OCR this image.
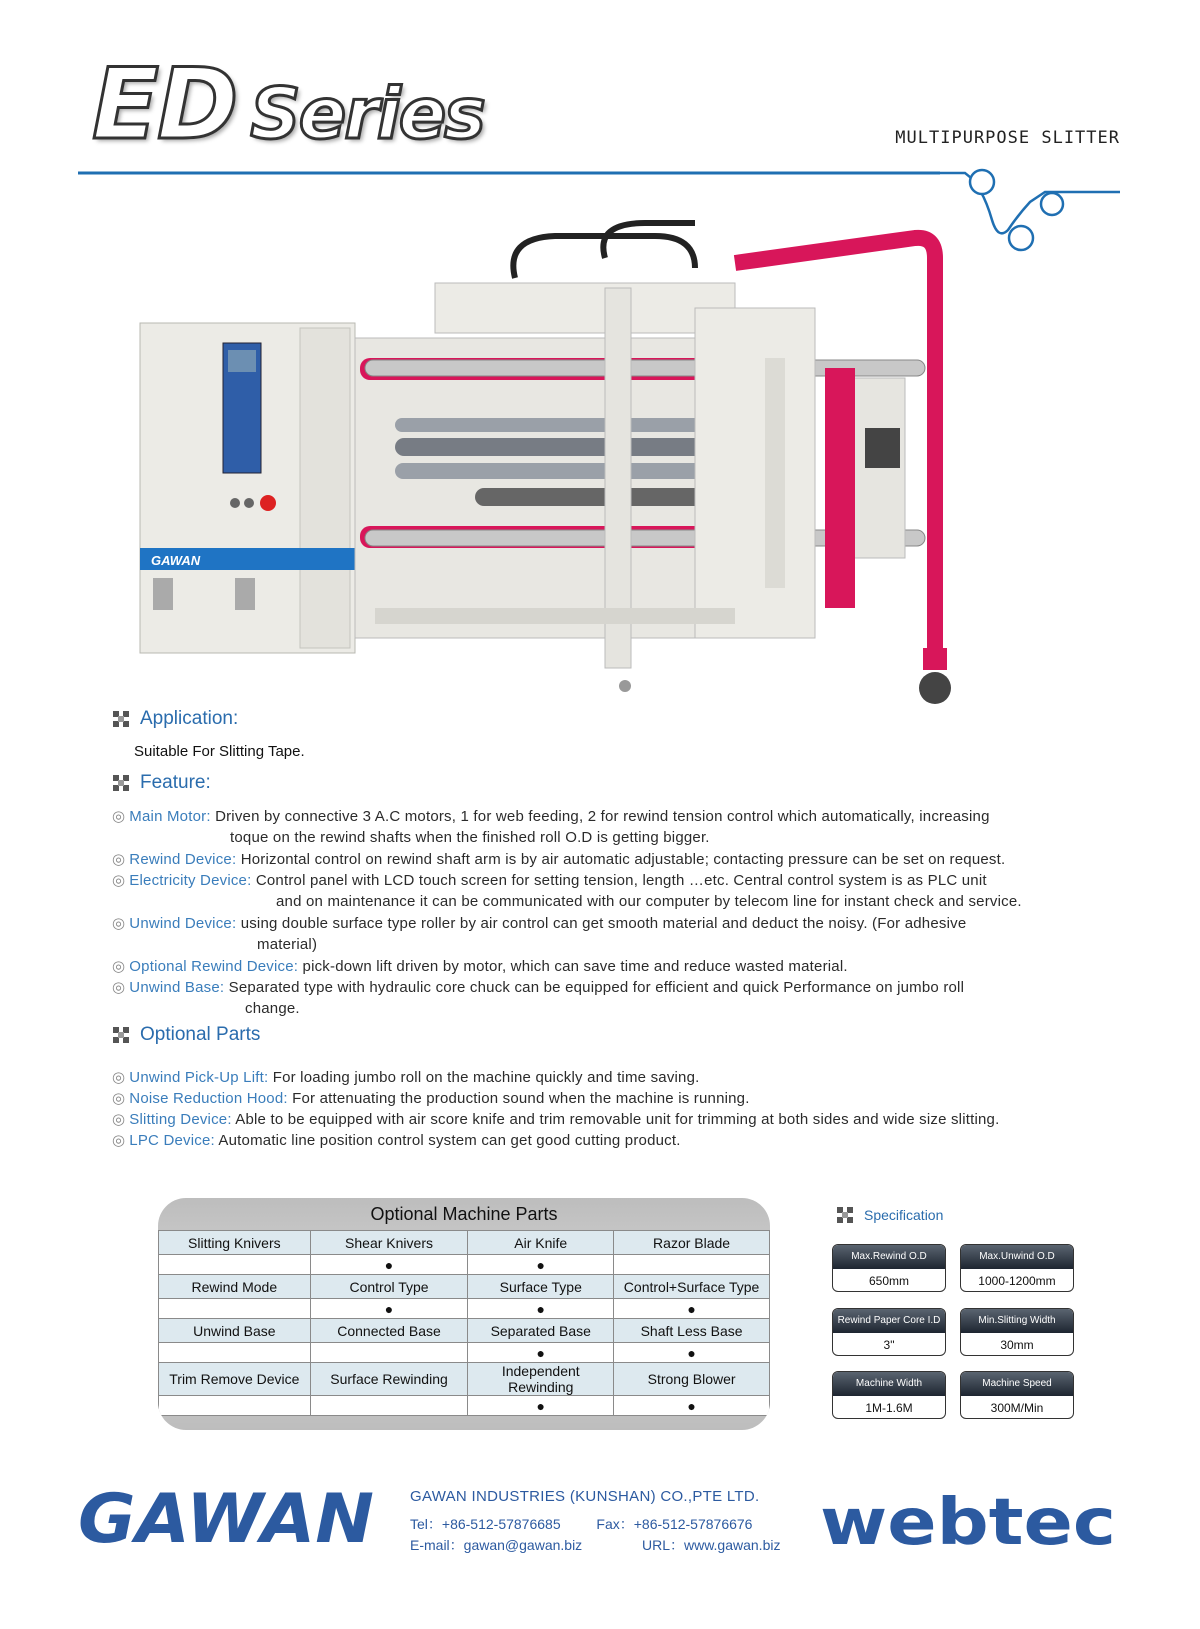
ED Series	MULTIPURPOSE SLITTER
GAWAN
Application:
Suitable For Slitting Tape.
Feature:
◎ Main Motor: Driven by connective 3 A.C motors, 1 for web feeding, 2 for rewind tension control which automatically, increasing
toque on the rewind shafts when the finished roll O.D is getting bigger.
◎ Rewind Device: Horizontal control on rewind shaft arm is by air automatic adjustable; contacting pressure can be set on request.
◎ Electricity Device: Control panel with LCD touch screen for setting tension, length …etc. Central control system is as PLC unit
and on maintenance it can be communicated with our computer by telecom line for instant check and service.
◎ Unwind Device: using double surface type roller by air control can get smooth material and deduct the noisy. (For adhesive
material)
◎ Optional Rewind Device: pick-down lift driven by motor, which can save time and reduce wasted material.
◎ Unwind Base: Separated type with hydraulic core chuck can be equipped for efficient and quick Performance on jumbo roll
change.
Optional Parts
◎ Unwind Pick-Up Lift: For loading jumbo roll on the machine quickly and time saving.
◎ Noise Reduction Hood: For attenuating the production sound when the machine is running.
◎ Slitting Device: Able to be equipped with air score knife and trim removable unit for trimming at both sides and wide size slitting.
◎ LPC Device: Automatic line position control system can get good cutting product.
Optional Machine Parts
Slitting Knivers	Shear Knivers	Air Knife	Razor Blade
	●	●	
Rewind Mode	Control Type	Surface Type	Control+Surface Type
	●	●	●
Unwind Base	Connected Base	Separated Base	Shaft Less Base
		●	●
Trim Remove Device	Surface Rewinding	Independent Rewinding	Strong Blower
		●	●
Specification
Max.Rewind O.D
650mm
Max.Unwind O.D
1000-1200mm
Rewind Paper Core I.D
3"
Min.Slitting Width
30mm
Machine Width
1M-1.6M
Machine Speed
300M/Min
GAWAN GAWAN INDUSTRIES (KUNSHAN) CO.,PTE LTD.
Tel：+86-512-57876685	Fax：+86-512-57876676
E-mail：gawan@gawan.biz	URL：www.gawan.biz webtec
